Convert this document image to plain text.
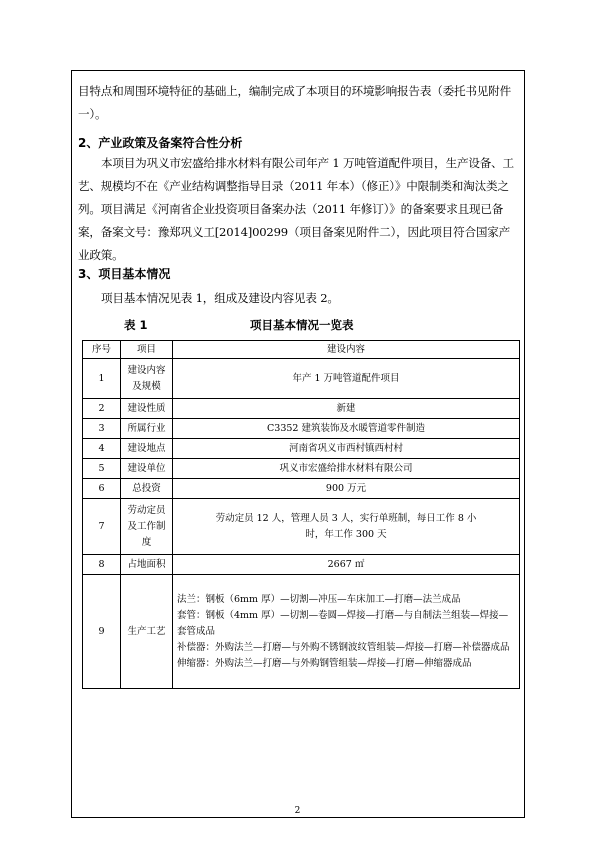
目特点和周围环境特征的基础上，编制完成了本项目的环境影响报告表（委托书见附件一）。

2、产业政策及备案符合性分析

本项目为巩义市宏盛给排水材料有限公司年产 1 万吨管道配件项目，生产设备、工艺、规模均不在《产业结构调整指导目录（2011 年本）（修正）》中限制类和淘汰类之列。项目满足《河南省企业投资项目备案办法（2011 年修订）》的备案要求且现已备案，备案文号：豫郑巩义工[2014]00299（项目备案见附件二），因此项目符合国家产业政策。

3、项目基本情况

项目基本情况见表 1，组成及建设内容见表 2。

表 1	项目基本情况一览表
序号	项目	建设内容
1	建设内容及规模	年产 1 万吨管道配件项目
2	建设性质	新建
3	所属行业	C3352 建筑装饰及水暖管道零件制造
4	建设地点	河南省巩义市西村镇西村村
5	建设单位	巩义市宏盛给排水材料有限公司
6	总投资	900 万元
7	劳动定员及工作制度	劳动定员 12 人，管理人员 3 人，实行单班制，每日工作 8 小时，年工作 300 天
8	占地面积	2667 ㎡
9	生产工艺	法兰：钢板（6mm 厚）—切割—冲压—车床加工—打磨—法兰成品
套管：钢板（4mm 厚）—切割—卷圆—焊接—打磨—与自制法兰组装—焊接—套管成品
补偿器：外购法兰—打磨—与外购不锈钢波纹管组装—焊接—打磨—补偿器成品
伸缩器：外购法兰—打磨—与外购钢管组装—焊接—打磨—伸缩器成品
2
